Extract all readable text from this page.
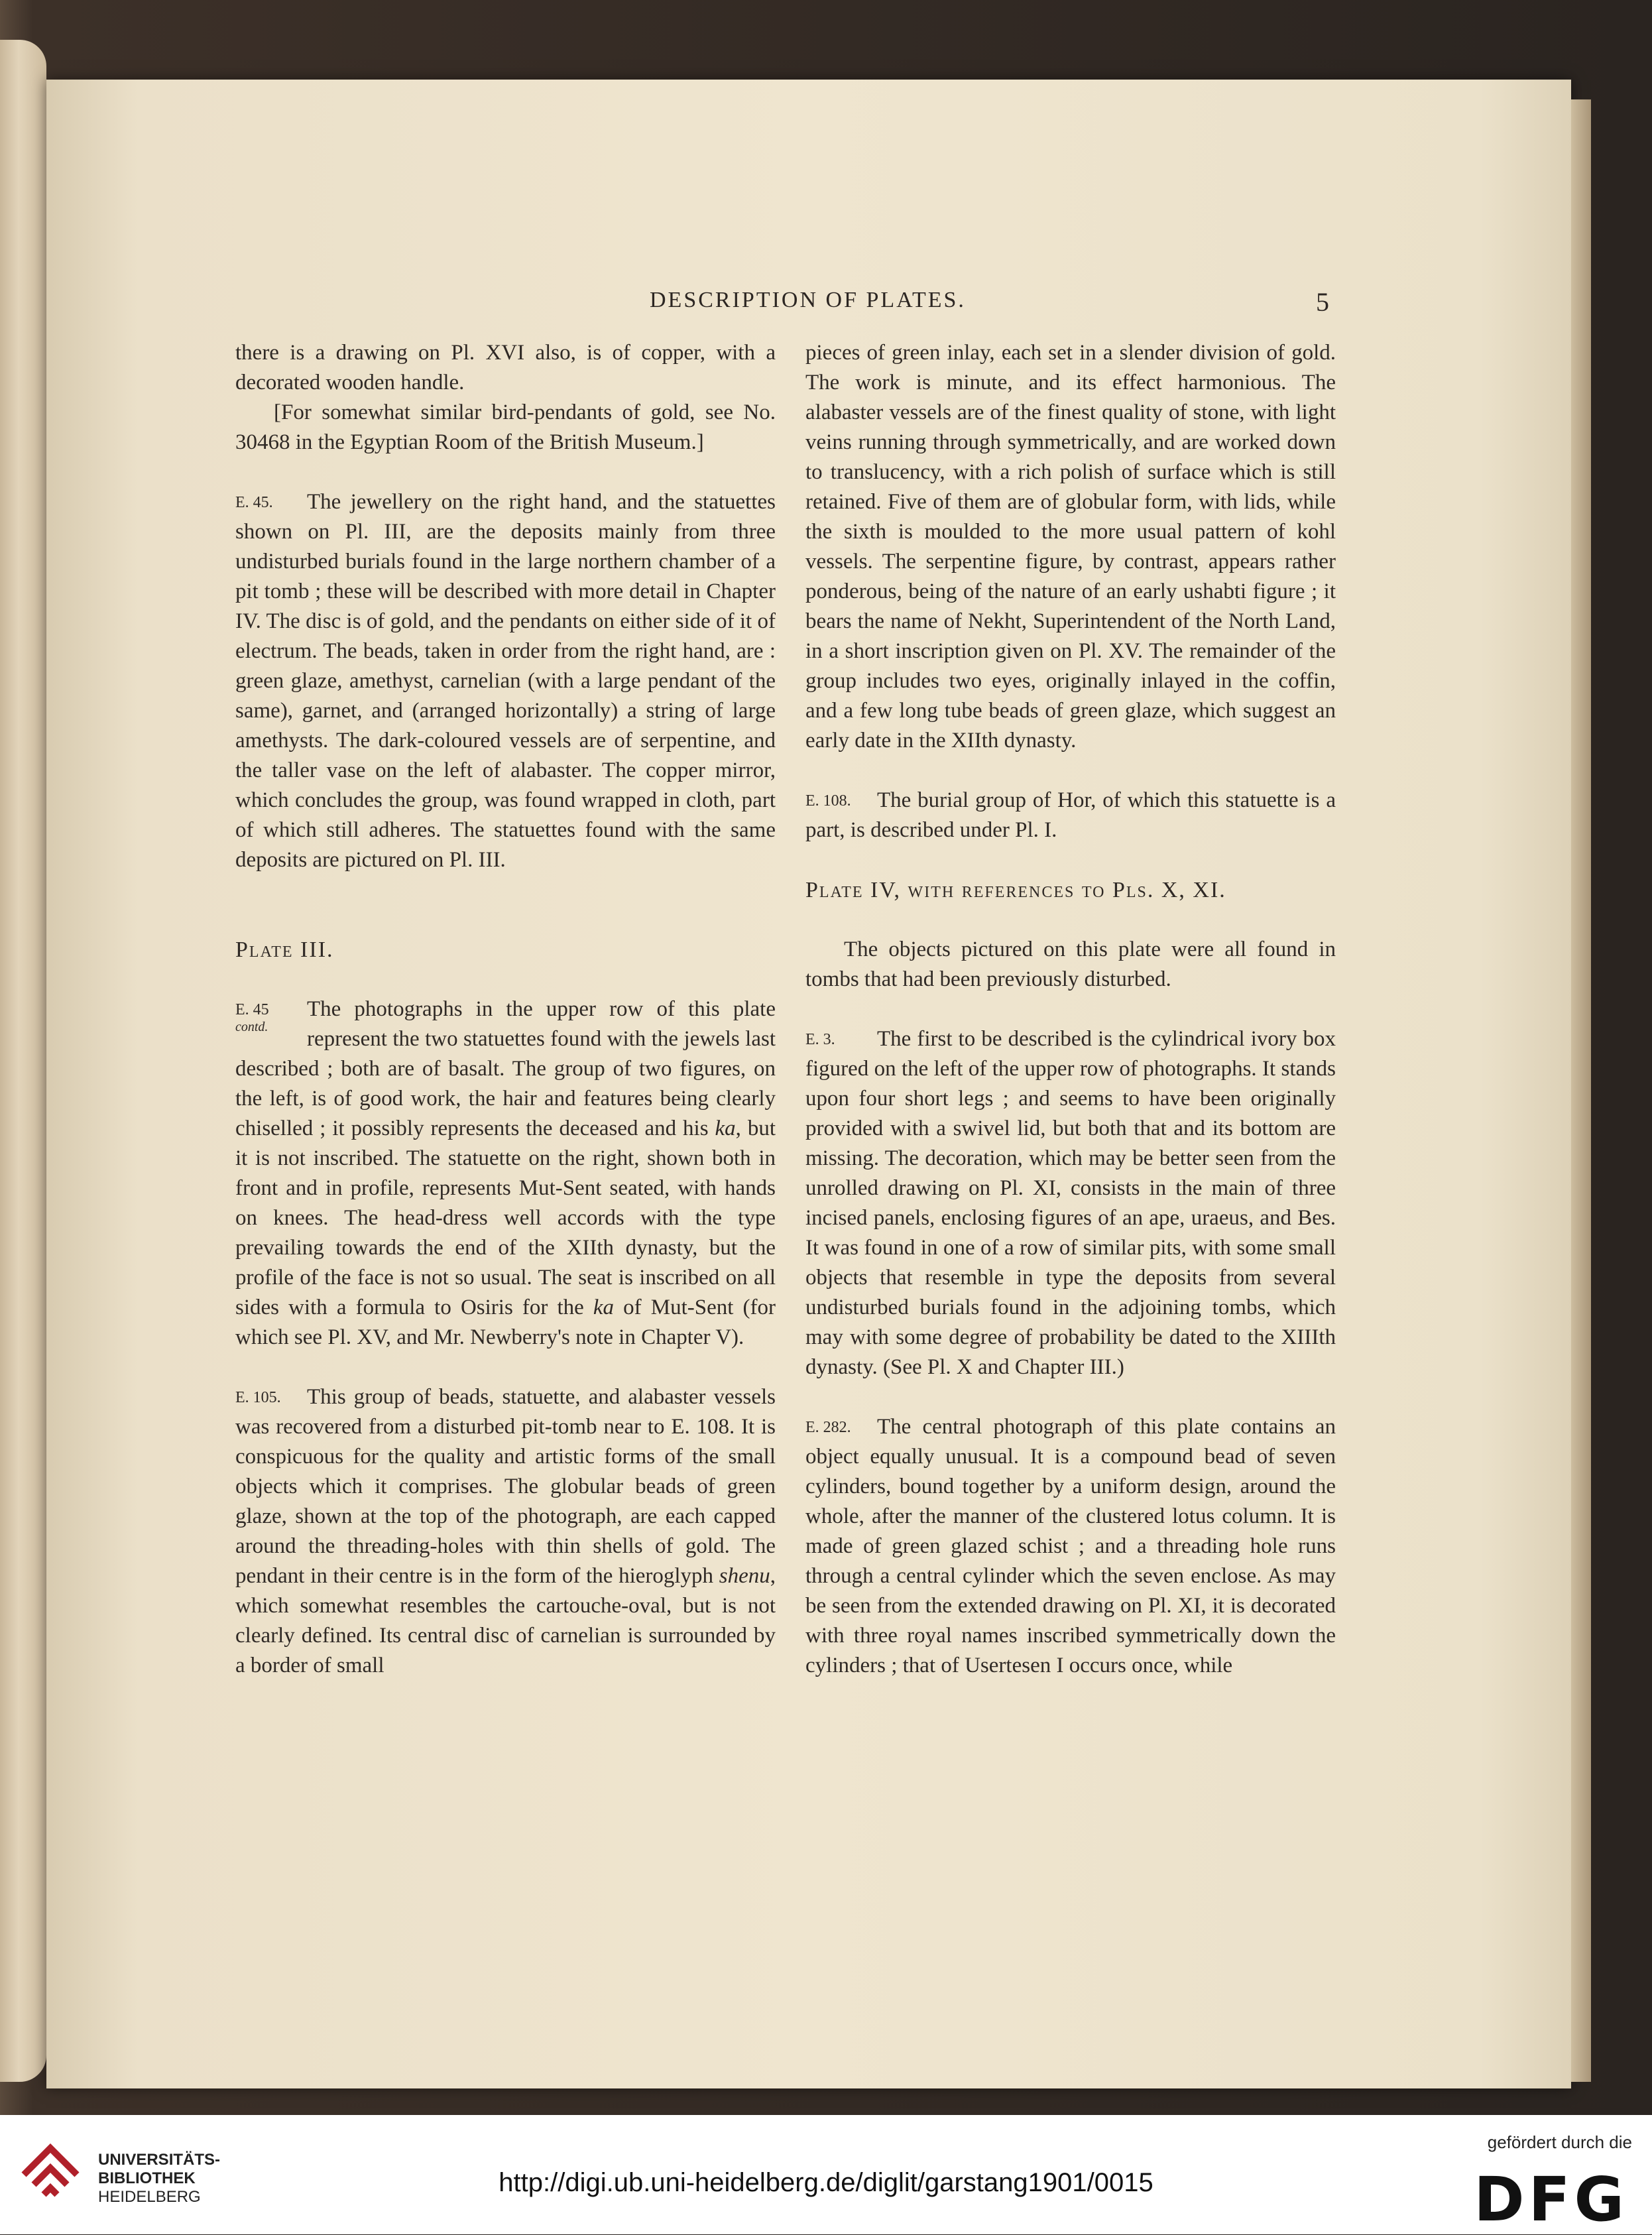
DESCRIPTION OF PLATES.	5

there is a drawing on Pl. XVI also, is of copper, with a decorated wooden handle.

[For somewhat similar bird-pendants of gold, see No. 30468 in the Egyptian Room of the British Museum.]

E. 45.	The jewellery on the right hand, and the statuettes shown on Pl. III, are the deposits mainly from three undisturbed burials found in the large northern chamber of a pit tomb ; these will be described with more detail in Chapter IV. The disc is of gold, and the pendants on either side of it of electrum. The beads, taken in order from the right hand, are : green glaze, amethyst, carnelian (with a large pendant of the same), garnet, and (arranged horizontally) a string of large amethysts. The dark-coloured vessels are of serpentine, and the taller vase on the left of alabaster. The copper mirror, which concludes the group, was found wrapped in cloth, part of which still adheres. The statuettes found with the same deposits are pictured on Pl. III.

Plate III.

E. 45
contd.
The photographs in the upper row of this plate represent the two statuettes found with the jewels last described ; both are of basalt. The group of two figures, on the left, is of good work, the hair and features being clearly chiselled ; it possibly represents the deceased and his ka, but it is not inscribed. The statuette on the right, shown both in front and in profile, represents Mut-Sent seated, with hands on knees. The head-dress well accords with the type prevailing towards the end of the XIIth dynasty, but the profile of the face is not so usual. The seat is inscribed on all sides with a formula to Osiris for the ka of Mut-Sent (for which see Pl. XV, and Mr. Newberry's note in Chapter V).

E. 105.	This group of beads, statuette, and alabaster vessels was recovered from a disturbed pit-tomb near to E. 108. It is conspicuous for the quality and artistic forms of the small objects which it comprises. The globular beads of green glaze, shown at the top of the photograph, are each capped around the threading-holes with thin shells of gold. The pendant in their centre is in the form of the hieroglyph shenu, which somewhat resembles the cartouche-oval, but is not clearly defined. Its central disc of carnelian is surrounded by a border of small

pieces of green inlay, each set in a slender division of gold. The work is minute, and its effect harmonious. The alabaster vessels are of the finest quality of stone, with light veins running through symmetrically, and are worked down to translucency, with a rich polish of surface which is still retained. Five of them are of globular form, with lids, while the sixth is moulded to the more usual pattern of kohl vessels. The serpentine figure, by contrast, appears rather ponderous, being of the nature of an early ushabti figure ; it bears the name of Nekht, Superintendent of the North Land, in a short inscription given on Pl. XV. The remainder of the group includes two eyes, originally inlayed in the coffin, and a few long tube beads of green glaze, which suggest an early date in the XIIth dynasty.

E. 108.	The burial group of Hor, of which this statuette is a part, is described under Pl. I.

Plate IV, with references to Pls. X, XI.

The objects pictured on this plate were all found in tombs that had been previously disturbed.

E. 3.	The first to be described is the cylindrical ivory box figured on the left of the upper row of photographs. It stands upon four short legs ; and seems to have been originally provided with a swivel lid, but both that and its bottom are missing. The decoration, which may be better seen from the unrolled drawing on Pl. XI, consists in the main of three incised panels, enclosing figures of an ape, uraeus, and Bes. It was found in one of a row of similar pits, with some small objects that resemble in type the deposits from several undisturbed burials found in the adjoining tombs, which may with some degree of probability be dated to the XIIIth dynasty. (See Pl. X and Chapter III.)

E. 282.	The central photograph of this plate contains an object equally unusual. It is a compound bead of seven cylinders, bound together by a uniform design, around the whole, after the manner of the clustered lotus column. It is made of green glazed schist ; and a threading hole runs through a central cylinder which the seven enclose. As may be seen from the extended drawing on Pl. XI, it is decorated with three royal names inscribed symmetrically down the cylinders ; that of Usertesen I occurs once, while

UNIVERSITÄTS-
BIBLIOTHEK
HEIDELBERG	http://digi.ub.uni-heidelberg.de/diglit/garstang1901/0015
gefördert durch die
DFG
